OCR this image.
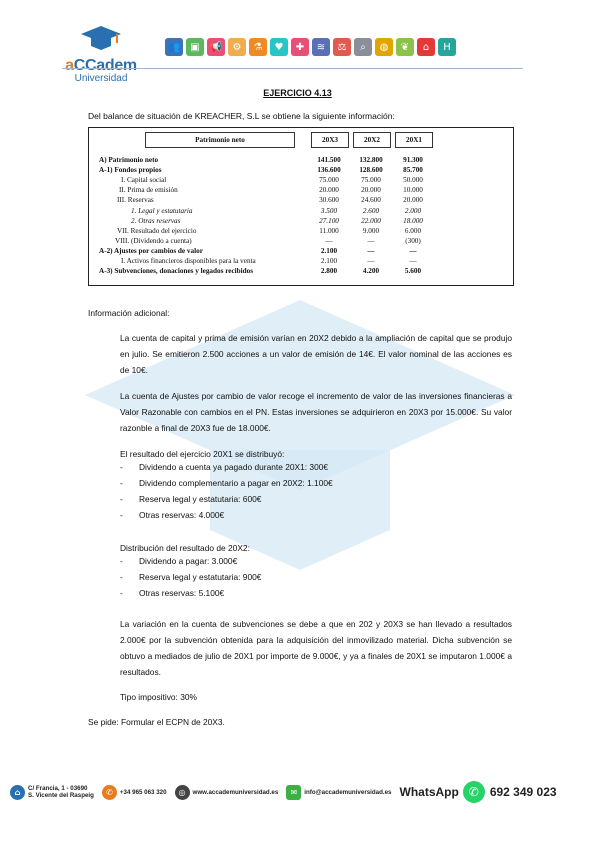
aCCadem
Universidad
👥	▣	📢	⚙	⚗	♥	✚	≋	⚖	⌕	◍	❦	⌂	H
EJERCICIO 4.13
Del balance de situación de KREACHER, S.L se obtiene la siguiente información:
Patrimonio neto	20X3	20X2	20X1
A) Patrimonio neto	141.500	132.800	91.300
A-1) Fondos propios	136.600	128.600	85.700
I. Capital social	75.000	75.000	50.000
II. Prima de emisión	20.000	20.000	10.000
III. Reservas	30.600	24.600	20.000
1. Legal y estatutaria	3.500	2.600	2.000
2. Otras reservas	27.100	22.000	18.000
VII. Resultado del ejercicio	11.000	9.000	6.000
VIII. (Dividendo a cuenta)	—	—	(300)
A-2) Ajustes por cambios de valor	2.100	—	—
I. Activos financieros disponibles para la venta	2.100	—	—
A-3) Subvenciones, donaciones y legados recibidos	2.800	4.200	5.600
Información adicional:
La cuenta de capital y prima de emisión varían en 20X2 debido a la ampliación de capital que se produjo en julio. Se emitieron 2.500 acciones a un valor de emisión de 14€. El valor nominal de las acciones es de 10€.
La cuenta de Ajustes por cambio de valor recoge el incremento de valor de las inversiones financieras a Valor Razonable con cambios en el PN. Estas inversiones se adquirieron en 20X3 por 15.000€. Su valor razonble a final de 20X3 fue de 18.000€.
El resultado del ejercicio 20X1 se distribuyó:
- Dividendo a cuenta ya pagado durante 20X1: 300€
- Dividendo complementario a pagar en 20X2: 1.100€
- Reserva legal y estatutaria: 600€
- Otras reservas: 4.000€
Distribución del resultado de 20X2:
- Dividendo a pagar: 3.000€
- Reserva legal y estatutaria: 900€
- Otras reservas: 5.100€
La variación en la cuenta de subvenciones se debe a que en 202 y 20X3 se han llevado a resultados 2.000€ por la subvención obtenida para la adquisición del inmovilizado material. Dicha subvención se obtuvo a mediados de julio de 20X1 por importe de 9.000€, y ya a finales de 20X1 se imputaron 1.000€ a resultados.
Tipo impositivo: 30%
Se pide: Formular el ECPN de 20X3.
⌂	C/ Francia, 1 - 03690
S. Vicente del Raspeig	✆	+34 965 063 320	◎	www.accademuniversidad.es	✉	info@accademuniversidad.es WhatsApp ✆ 692 349 023
